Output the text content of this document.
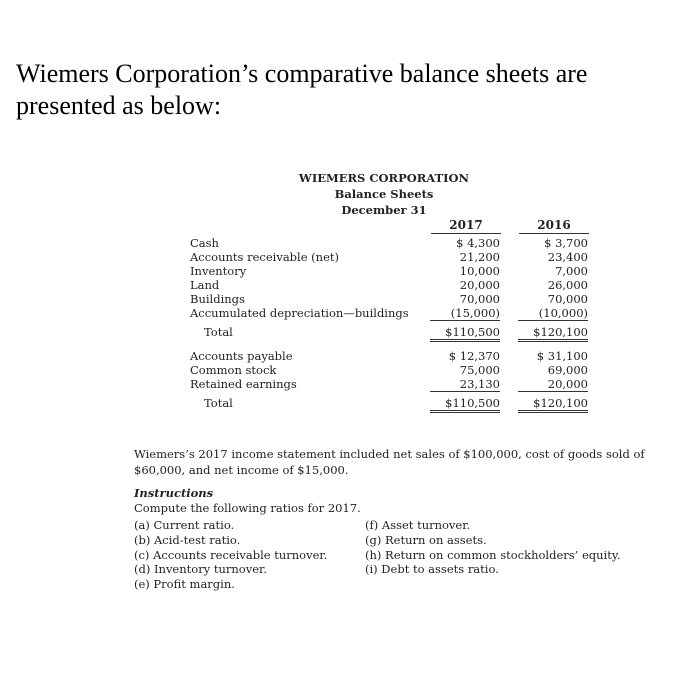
Wiemers Corporation’s comparative balance sheets are presented as below:
WIEMERS CORPORATION
Balance Sheets
December 31
2017	2016
Cash	$ 4,300	$ 3,700
Accounts receivable (net)	21,200	23,400
Inventory	10,000	7,000
Land	20,000	26,000
Buildings	70,000	70,000
Accumulated depreciation—buildings	(15,000)	(10,000)
Total	$110,500	$120,100
Accounts payable	$ 12,370	$ 31,100
Common stock	75,000	69,000
Retained earnings	23,130	20,000
Total	$110,500	$120,100
Wiemers’s 2017 income statement included net sales of $100,000, cost of goods sold of $60,000, and net income of $15,000.
Instructions
Compute the following ratios for 2017.
(a) Current ratio.
(b) Acid-test ratio.
(c) Accounts receivable turnover.
(d) Inventory turnover.
(e) Profit margin.
(f) Asset turnover.
(g) Return on assets.
(h) Return on common stockholders’ equity.
(i) Debt to assets ratio.
